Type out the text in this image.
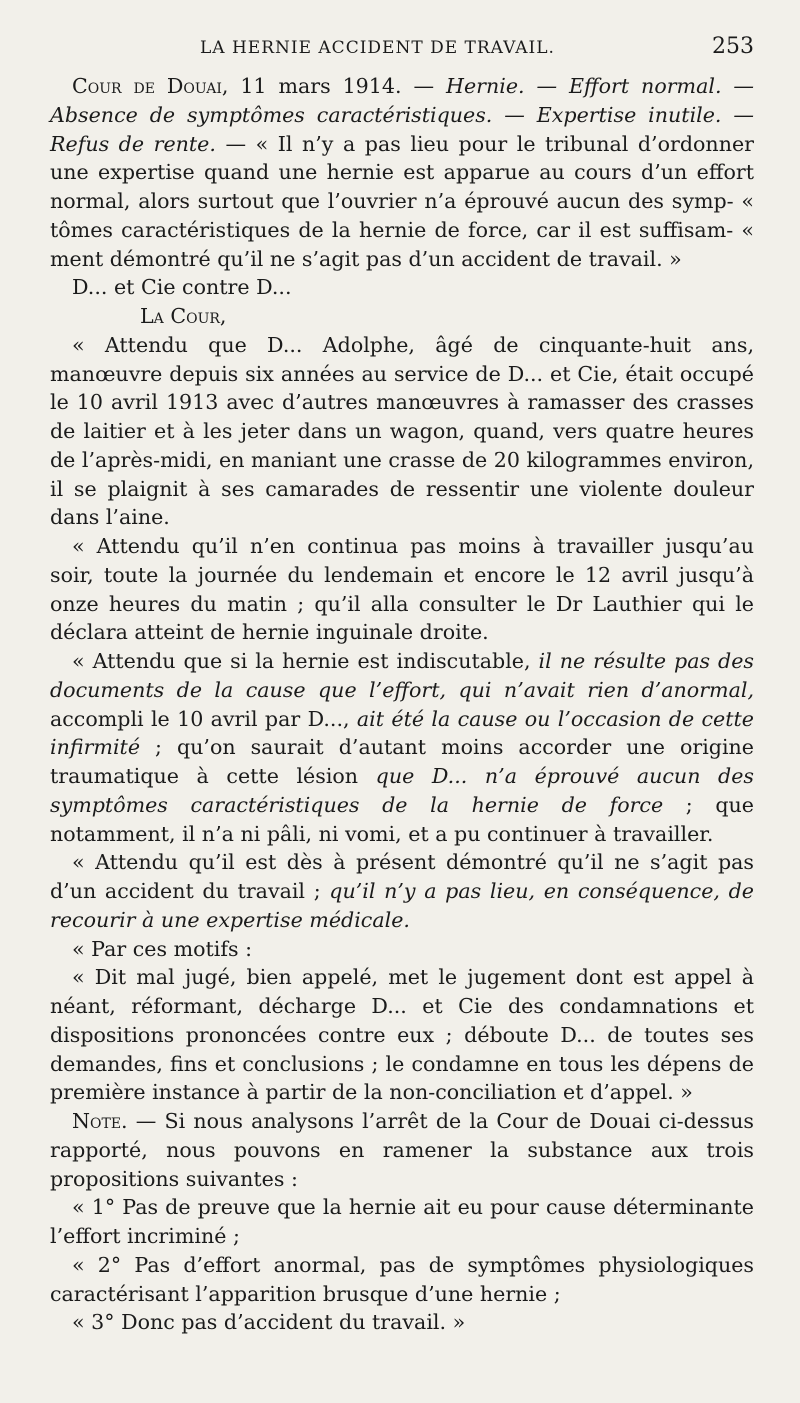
LA HERNIE ACCIDENT DE TRAVAIL.	253

Cour de Douai, 11 mars 1914. — Hernie. — Effort normal. — Absence de symptômes caractéristiques. — Expertise inutile. — Refus de rente. — « Il n’y a pas lieu pour le tribunal d’ordonner une expertise quand une hernie est apparue au cours d’un effort normal, alors surtout que l’ouvrier n’a éprouvé aucun des symp- « tômes caractéristiques de la hernie de force, car il est suffisam- « ment démontré qu’il ne s’agit pas d’un accident de travail. »

D... et Cie contre D...

La Cour,

« Attendu que D... Adolphe, âgé de cinquante-huit ans, manœuvre depuis six années au service de D... et Cie, était occupé le 10 avril 1913 avec d’autres manœuvres à ramasser des crasses de laitier et à les jeter dans un wagon, quand, vers quatre heures de l’après-midi, en maniant une crasse de 20 kilogrammes environ, il se plaignit à ses camarades de ressentir une violente douleur dans l’aine.

« Attendu qu’il n’en continua pas moins à travailler jusqu’au soir, toute la journée du lendemain et encore le 12 avril jusqu’à onze heures du matin ; qu’il alla consulter le Dr Lauthier qui le déclara atteint de hernie inguinale droite.

« Attendu que si la hernie est indiscutable, il ne résulte pas des documents de la cause que l’effort, qui n’avait rien d’anormal, accompli le 10 avril par D..., ait été la cause ou l’occasion de cette infirmité ; qu’on saurait d’autant moins accorder une origine traumatique à cette lésion que D... n’a éprouvé aucun des symptômes caractéristiques de la hernie de force ; que notamment, il n’a ni pâli, ni vomi, et a pu continuer à travailler.

« Attendu qu’il est dès à présent démontré qu’il ne s’agit pas d’un accident du travail ; qu’il n’y a pas lieu, en conséquence, de recourir à une expertise médicale.

« Par ces motifs :

« Dit mal jugé, bien appelé, met le jugement dont est appel à néant, réformant, décharge D... et Cie des condamnations et dispositions prononcées contre eux ; déboute D... de toutes ses demandes, fins et conclusions ; le condamne en tous les dépens de première instance à partir de la non-conciliation et d’appel. »

Note. — Si nous analysons l’arrêt de la Cour de Douai ci-dessus rapporté, nous pouvons en ramener la substance aux trois propositions suivantes :

« 1° Pas de preuve que la hernie ait eu pour cause déterminante l’effort incriminé ;

« 2° Pas d’effort anormal, pas de symptômes physiologiques caractérisant l’apparition brusque d’une hernie ;

« 3° Donc pas d’accident du travail. »
